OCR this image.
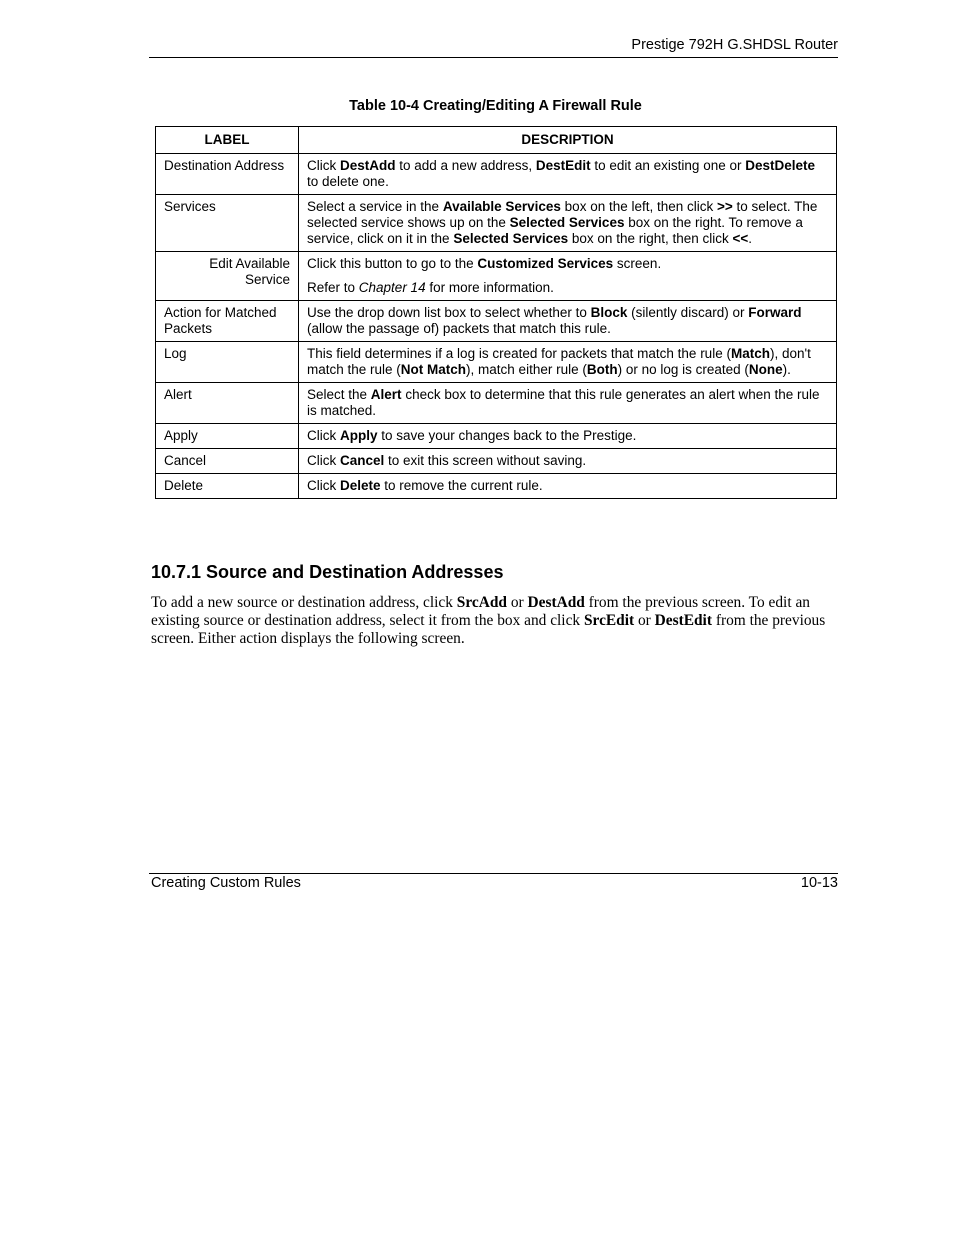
Prestige 792H G.SHDSL Router
Table 10-4 Creating/Editing A Firewall Rule
LABEL	DESCRIPTION
Destination Address	Click DestAdd to add a new address, DestEdit to edit an existing one or DestDelete to delete one.

Services	Select a service in the Available Services box on the left, then click >> to select. The selected service shows up on the Selected Services box on the right. To remove a service, click on it in the Selected Services box on the right, then click <<.

Edit Available Service	Click this button to go to the Customized Services screen.

Refer to Chapter 14 for more information.

Action for Matched Packets	Use the drop down list box to select whether to Block (silently discard) or Forward (allow the passage of) packets that match this rule.

Log	This field determines if a log is created for packets that match the rule (Match), don't match the rule (Not Match), match either rule (Both) or no log is created (None).

Alert	Select the Alert check box to determine that this rule generates an alert when the rule is matched.

Apply	Click Apply to save your changes back to the Prestige.

Cancel	Click Cancel to exit this screen without saving.

Delete	Click Delete to remove the current rule.

10.7.1 Source and Destination Addresses

To add a new source or destination address, click SrcAdd or DestAdd from the previous screen. To edit an existing source or destination address, select it from the box and click SrcEdit or DestEdit from the previous screen. Either action displays the following screen.

Creating Custom Rules	10-13
